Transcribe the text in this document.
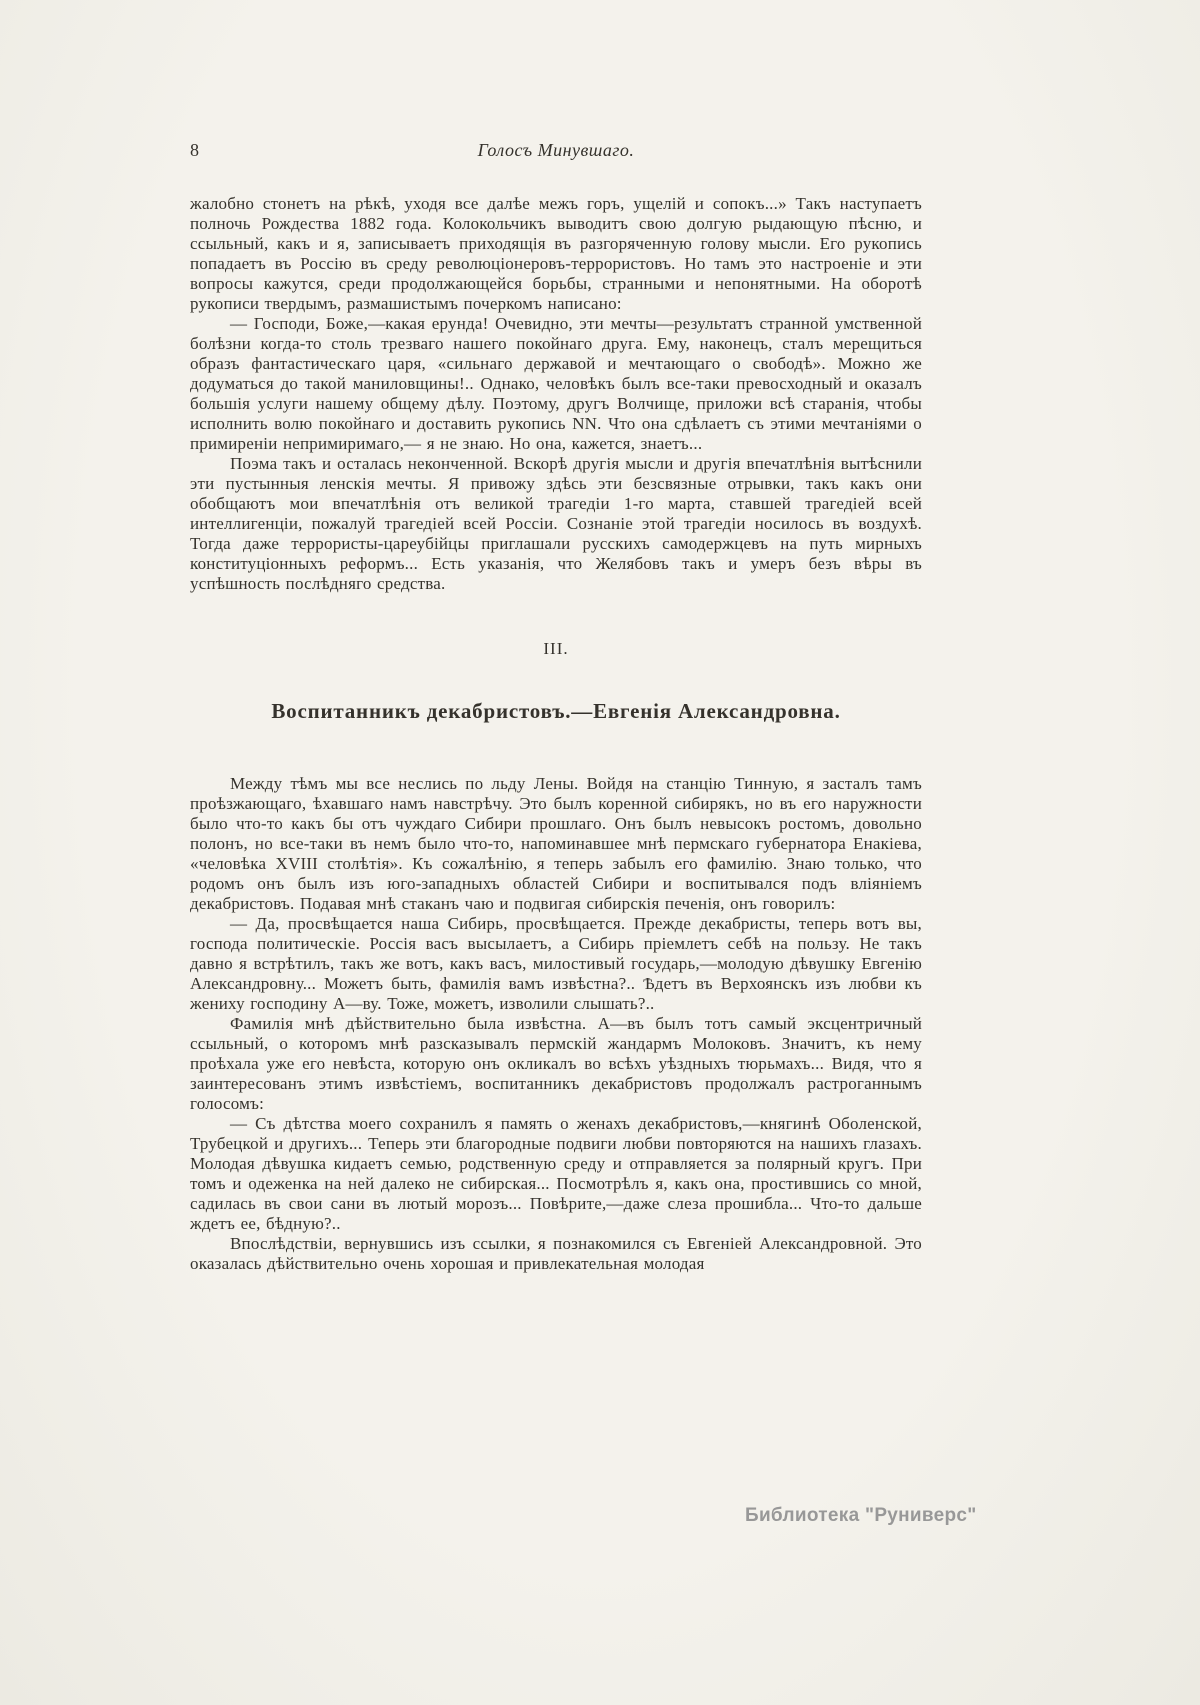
8	Голосъ Минувшаго.

жалобно стонетъ на рѣкѣ, уходя все далѣе межъ горъ, ущелій и сопокъ...» Такъ наступаетъ полночь Рождества 1882 года. Колокольчикъ выводитъ свою долгую рыдающую пѣсню, и ссыльный, какъ и я, записываетъ приходящія въ разгоряченную голову мысли. Его рукопись попадаетъ въ Россію въ среду революціонеровъ-террористовъ. Но тамъ это настроеніе и эти вопросы кажутся, среди продолжающейся борьбы, странными и непонятными. На оборотѣ рукописи твердымъ, размашистымъ почеркомъ написано:

— Господи, Боже,—какая ерунда! Очевидно, эти мечты—результатъ странной умственной болѣзни когда-то столь трезваго нашего покойнаго друга. Ему, наконецъ, сталъ мерещиться образъ фантастическаго царя, «сильнаго державой и мечтающаго о свободѣ». Можно же додуматься до такой маниловщины!.. Однако, человѣкъ былъ все-таки превосходный и оказалъ большія услуги нашему общему дѣлу. Поэтому, другъ Волчище, приложи всѣ старанія, чтобы исполнить волю покойнаго и доставить рукопись NN. Что она сдѣлаетъ съ этими мечтаніями о примиреніи непримиримаго,— я не знаю. Но она, кажется, знаетъ...

Поэма такъ и осталась неконченной. Вскорѣ другія мысли и другія впечатлѣнія вытѣснили эти пустынныя ленскія мечты. Я привожу здѣсь эти безсвязные отрывки, такъ какъ они обобщаютъ мои впечатлѣнія отъ великой трагедіи 1-го марта, ставшей трагедіей всей интеллигенціи, пожалуй трагедіей всей Россіи. Сознаніе этой трагедіи носилось въ воздухѣ. Тогда даже террористы-цареубійцы приглашали русскихъ самодержцевъ на путь мирныхъ конституціонныхъ реформъ... Есть указанія, что Желябовъ такъ и умеръ безъ вѣры въ успѣшность послѣдняго средства.

III.
Воспитанникъ декабристовъ.—Евгенія Александровна.

Между тѣмъ мы все неслись по льду Лены. Войдя на станцію Тинную, я засталъ тамъ проѣзжающаго, ѣхавшаго намъ навстрѣчу. Это былъ коренной сибирякъ, но въ его наружности было что-то какъ бы отъ чуждаго Сибири прошлаго. Онъ былъ невысокъ ростомъ, довольно полонъ, но все-таки въ немъ было что-то, напоминавшее мнѣ пермскаго губернатора Енакіева, «человѣка XVIII столѣтія». Къ сожалѣнію, я теперь забылъ его фамилію. Знаю только, что родомъ онъ былъ изъ юго-западныхъ областей Сибири и воспитывался подъ вліяніемъ декабристовъ. Подавая мнѣ стаканъ чаю и подвигая сибирскія печенія, онъ говорилъ:

— Да, просвѣщается наша Сибирь, просвѣщается. Прежде декабристы, теперь вотъ вы, господа политическіе. Россія васъ высылаетъ, а Сибирь пріемлетъ себѣ на пользу. Не такъ давно я встрѣтилъ, такъ же вотъ, какъ васъ, милостивый государь,—молодую дѣвушку Евгенію Александровну... Можетъ быть, фамилія вамъ извѣстна?.. Ѣдетъ въ Верхоянскъ изъ любви къ жениху господину А—ву. Тоже, можетъ, изволили слышать?..

Фамилія мнѣ дѣйствительно была извѣстна. А—въ былъ тотъ самый эксцентричный ссыльный, о которомъ мнѣ разсказывалъ пермскій жандармъ Молоковъ. Значитъ, къ нему проѣхала уже его невѣста, которую онъ окликалъ во всѣхъ уѣздныхъ тюрьмахъ... Видя, что я заинтересованъ этимъ извѣстіемъ, воспитанникъ декабристовъ продолжалъ растроганнымъ голосомъ:

— Съ дѣтства моего сохранилъ я память о женахъ декабристовъ,—княгинѣ Оболенской, Трубецкой и другихъ... Теперь эти благородные подвиги любви повторяются на нашихъ глазахъ. Молодая дѣвушка кидаетъ семью, родственную среду и отправляется за полярный кругъ. При томъ и одеженка на ней далеко не сибирская... Посмотрѣлъ я, какъ она, простившись со мной, садилась въ свои сани въ лютый морозъ... Повѣрите,—даже слеза прошибла... Что-то дальше ждетъ ее, бѣдную?..

Впослѣдствіи, вернувшись изъ ссылки, я познакомился съ Евгеніей Александровной. Это оказалась дѣйствительно очень хорошая и привлекательная молодая

Библиотека "Руниверс"
